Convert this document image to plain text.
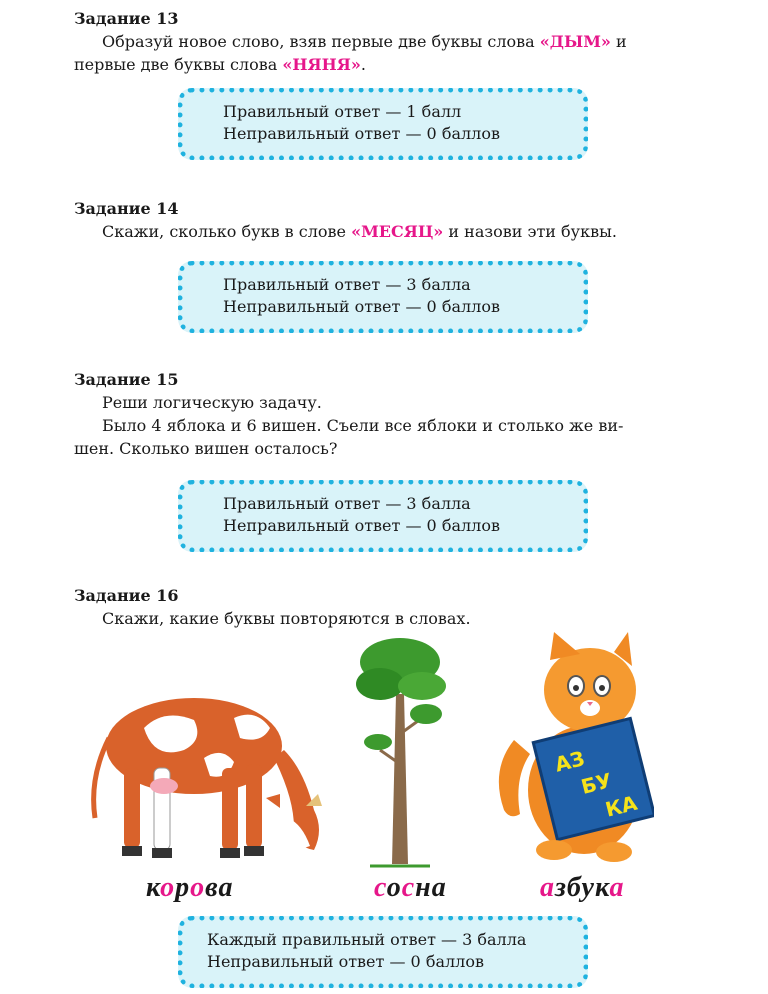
Задание 13
Образуй новое слово, взяв первые две буквы слова «ДЫМ» и
первые две буквы слова «НЯНЯ».
Правильный ответ — 1 балл
Неправильный ответ — 0 баллов
Задание 14
Скажи, сколько букв в слове «МЕСЯЦ» и назови эти буквы.
Правильный ответ — 3 балла
Неправильный ответ — 0 баллов
Задание 15
Реши логическую задачу.
Было 4 яблока и 6 вишен. Съели все яблоки и столько же ви-
шен. Сколько вишен осталось?
Правильный ответ — 3 балла
Неправильный ответ — 0 баллов
Задание 16
Скажи, какие буквы повторяются в словах.
АЗ
БУ
КА
корова	сосна	азбука
Каждый правильный ответ — 3 балла
Неправильный ответ — 0 баллов
